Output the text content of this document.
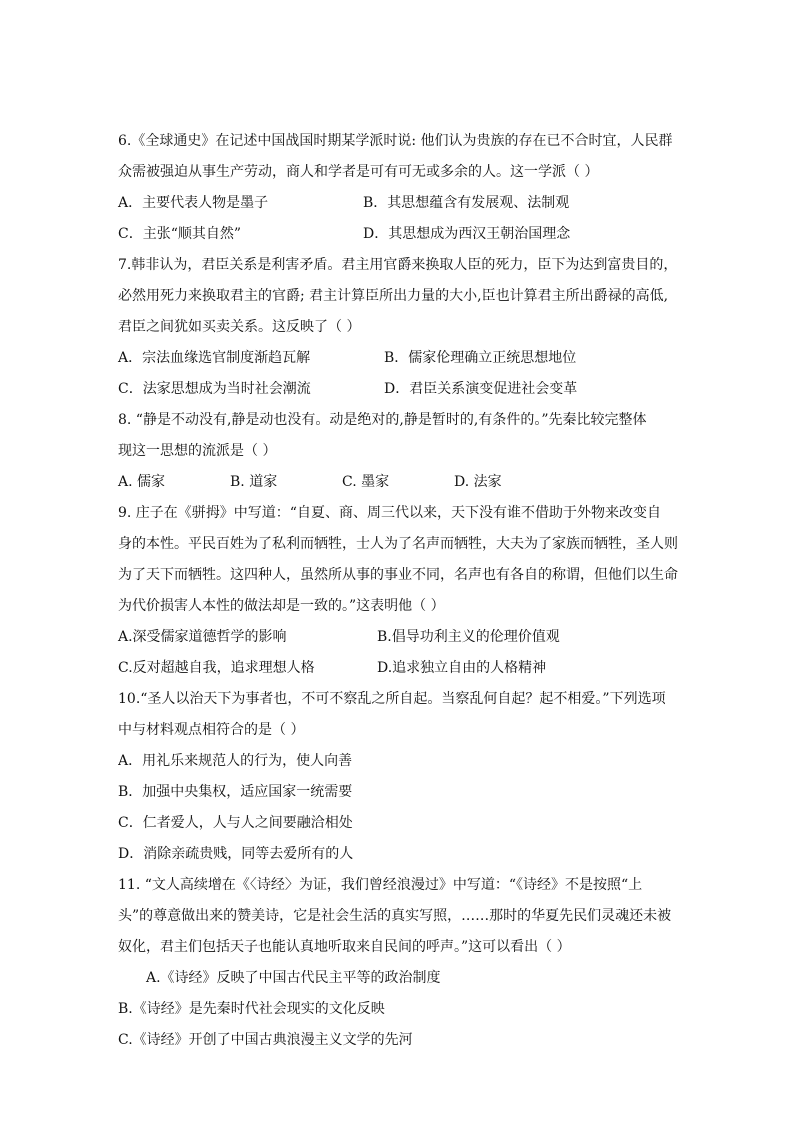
6.《全球通史》在记述中国战国时期某学派时说: 他们认为贵族的存在已不合时宜，人民群
众需被强迫从事生产劳动，商人和学者是可有可无或多余的人。这一学派（ ）
A．主要代表人物是墨子	B．其思想蕴含有发展观、法制观
C．主张“顺其自然”	D．其思想成为西汉王朝治国理念
7.韩非认为，君臣关系是利害矛盾。君主用官爵来换取人臣的死力，臣下为达到富贵目的，
必然用死力来换取君主的官爵; 君主计算臣所出力量的大小,臣也计算君主所出爵禄的高低,
君臣之间犹如买卖关系。这反映了（ ）
A．宗法血缘选官制度渐趋瓦解	B．儒家伦理确立正统思想地位
C．法家思想成为当时社会潮流	D．君臣关系演变促进社会变革
8. “静是不动没有,静是动也没有。动是绝对的,静是暂时的,有条件的。”先秦比较完整体
现这一思想的流派是（ ）
A. 儒家	B. 道家	C. 墨家	D. 法家
9. 庄子在《骈拇》中写道：“自夏、商、周三代以来，天下没有谁不借助于外物来改变自
身的本性。平民百姓为了私利而牺牲，士人为了名声而牺牲，大夫为了家族而牺牲，圣人则
为了天下而牺牲。这四种人，虽然所从事的事业不同，名声也有各自的称谓，但他们以生命
为代价损害人本性的做法却是一致的。”这表明他（ ）
A.深受儒家道德哲学的影响	B.倡导功利主义的伦理价值观
C.反对超越自我，追求理想人格	D.追求独立自由的人格精神
10.“圣人以治天下为事者也，不可不察乱之所自起。当察乱何自起？起不相爱。”下列选项
中与材料观点相符合的是（ ）
A．用礼乐来规范人的行为，使人向善
B．加强中央集权，适应国家一统需要
C．仁者爱人，人与人之间要融洽相处
D．消除亲疏贵贱，同等去爱所有的人
11. “文人高续增在《〈诗经〉为证，我们曾经浪漫过》中写道：“《诗经》不是按照“上
头”的尊意做出来的赞美诗，它是社会生活的真实写照，……那时的华夏先民们灵魂还未被
奴化，君主们包括天子也能认真地听取来自民间的呼声。”这可以看出（ ）
A.《诗经》反映了中国古代民主平等的政治制度
B.《诗经》是先秦时代社会现实的文化反映
C.《诗经》开创了中国古典浪漫主义文学的先河
